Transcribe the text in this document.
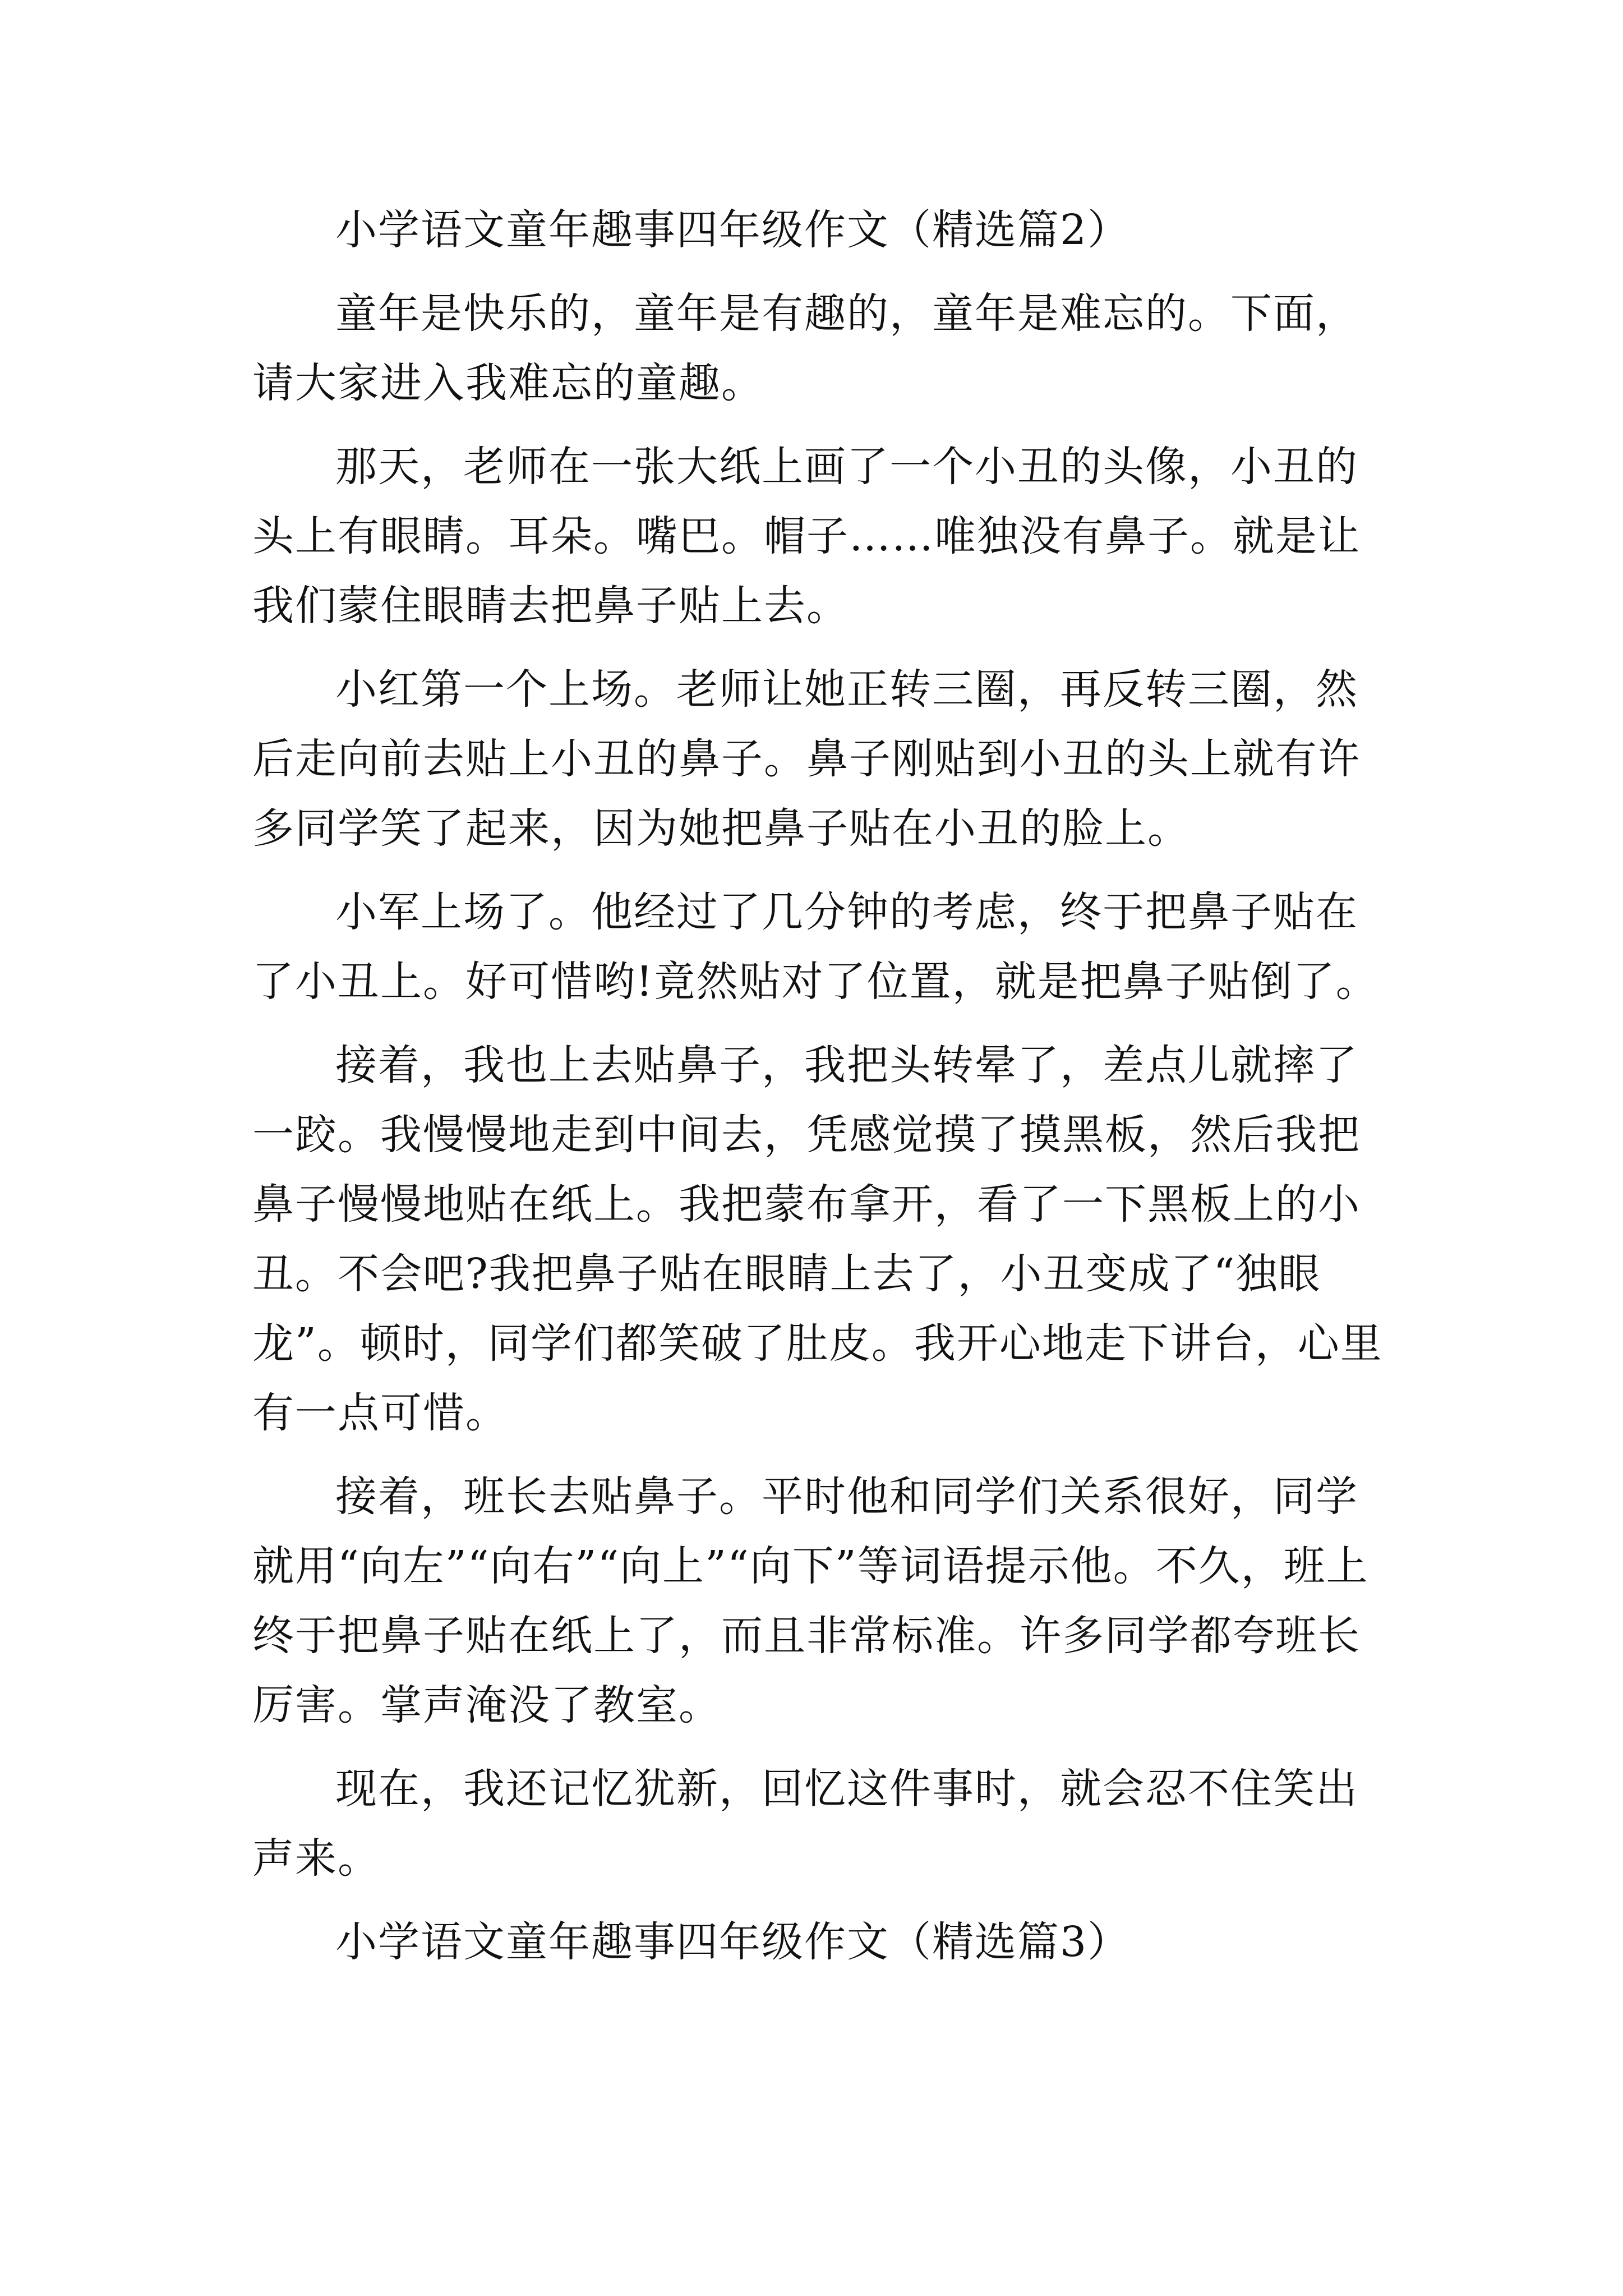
小学语文童年趣事四年级作文（精选篇2）

童年是快乐的，童年是有趣的，童年是难忘的。下面，请大家进入我难忘的童趣。

那天，老师在一张大纸上画了一个小丑的头像，小丑的头上有眼睛。耳朵。嘴巴。帽子……唯独没有鼻子。就是让我们蒙住眼睛去把鼻子贴上去。

小红第一个上场。老师让她正转三圈，再反转三圈，然后走向前去贴上小丑的鼻子。鼻子刚贴到小丑的头上就有许多同学笑了起来，因为她把鼻子贴在小丑的脸上。

小军上场了。他经过了几分钟的考虑，终于把鼻子贴在了小丑上。好可惜哟!竟然贴对了位置，就是把鼻子贴倒了。

接着，我也上去贴鼻子，我把头转晕了，差点儿就摔了一跤。我慢慢地走到中间去，凭感觉摸了摸黑板，然后我把鼻子慢慢地贴在纸上。我把蒙布拿开，看了一下黑板上的小丑。不会吧?我把鼻子贴在眼睛上去了，小丑变成了“独眼龙”。顿时，同学们都笑破了肚皮。我开心地走下讲台，心里有一点可惜。

接着，班长去贴鼻子。平时他和同学们关系很好，同学就用“向左”“向右”“向上”“向下”等词语提示他。不久，班上终于把鼻子贴在纸上了，而且非常标准。许多同学都夸班长厉害。掌声淹没了教室。

现在，我还记忆犹新，回忆这件事时，就会忍不住笑出声来。

小学语文童年趣事四年级作文（精选篇3）
